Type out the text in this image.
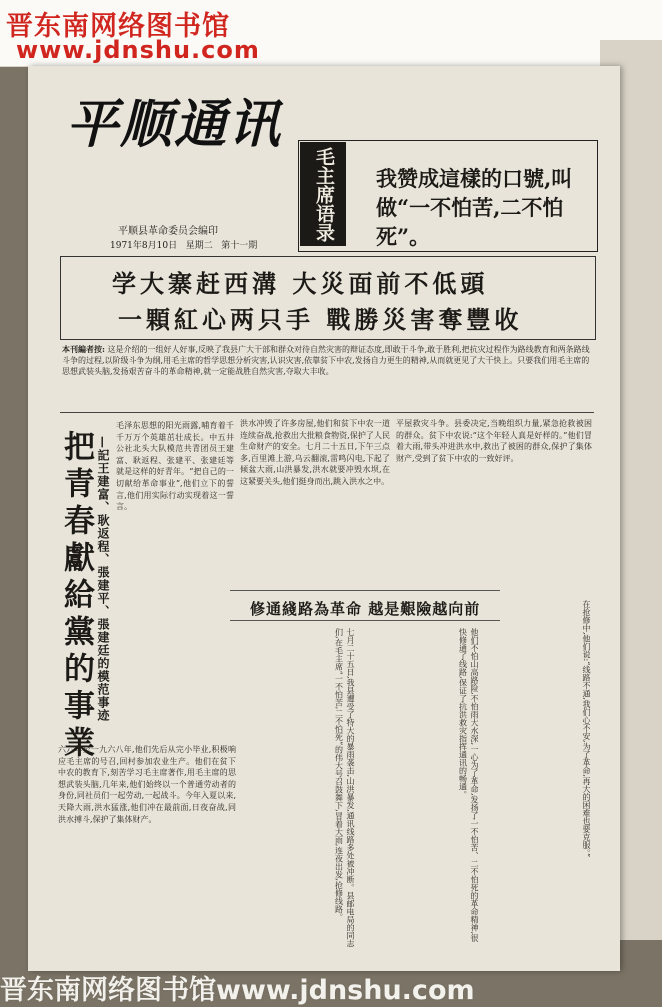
晋东南网络图书馆
www.jdnshu.com
平顺通讯
平顺县革命委员会编印
1971年8月10日 星期二 第十一期
毛主席语录	我赞成這樣的口號,叫做“一不怕苦,二不怕死”。
学大寨赶西溝 大災面前不低頭
一顆紅心两只手 戰勝災害奪豐收
本刊編者按: 这是介绍的一组好人好事,反映了我县广大干部和群众对待自然灾害的辩证态度,即敢于斗争,敢于胜利,把抗灾过程作为路线教育和两条路线斗争的过程,以阶级斗争为纲,用毛主席的哲学思想分析灾害,认识灾害,依靠贫下中农,发扬自力更生的精神,从而就更见了大干快上。只要我们用毛主席的思想武装头脑,发扬艰苦奋斗的革命精神,就一定能战胜自然灾害,夺取大丰收。
把青春獻給黨的事業 —記王建富、耿返程、張建平、張建廷的模范事迹
毛泽东思想的阳光雨露,哺育着千千万万个英雄茁壮成长。中五井公社北头大队模范共青团员王建富、耿返程、张建平、张建廷等就是这样的好青年。“把自己的一切献给革命事业”,他们立下的誓言,他们用实际行动实现着这一誓言。
六六年至一九六八年,他们先后从完小毕业,积极响应毛主席的号召,回村参加农业生产。他们在贫下中农的教育下,刻苦学习毛主席著作,用毛主席的思想武装头脑,几年来,他们始终以一个普通劳动者的身份,同社员们一起劳动,一起战斗。今年入夏以来,天降大雨,洪水猛涨,他们冲在最前面,日夜奋战,同洪水搏斗,保护了集体财产。
洪水冲毁了许多房屋,他们和贫下中农一道连续奋战,抢救出大批粮食物资,保护了人民生命财产的安全。七月二十五日,下午三点多,百里滩上游,乌云翻滚,雷鸣闪电,下起了倾盆大雨,山洪暴发,洪水就要冲毁水坝,在这紧要关头,他们挺身而出,跳入洪水之中。
平屋救灾斗争。县委决定,当晚组织力量,紧急抢救被困的群众。贫下中农说:“这个年轻人真是好样的。”他们冒着大雨,带头冲进洪水中,救出了被困的群众,保护了集体财产,受到了贫下中农的一致好评。
修通綫路為革命 越是艱險越向前
七月二十五日,我县遭受了特大的暴雨袭击,山洪暴发,通讯线路多处被冲断。县邮电局的同志们,在毛主席“一不怕苦,二不怕死”的伟大号召鼓舞下,冒着大雨,连夜出发,抢修线路。	他们不怕山高路险,不怕雨大水深,一心为了革命,发扬了一不怕苦、二不怕死的革命精神,很快修通了线路,保证了抗洪救灾指挥通讯的畅通。	在抢修中,他们说:“线路不通,我们心不安,为了革命,再大的困难也要克服。”
晋东南网络图书馆www.jdnshu.com
